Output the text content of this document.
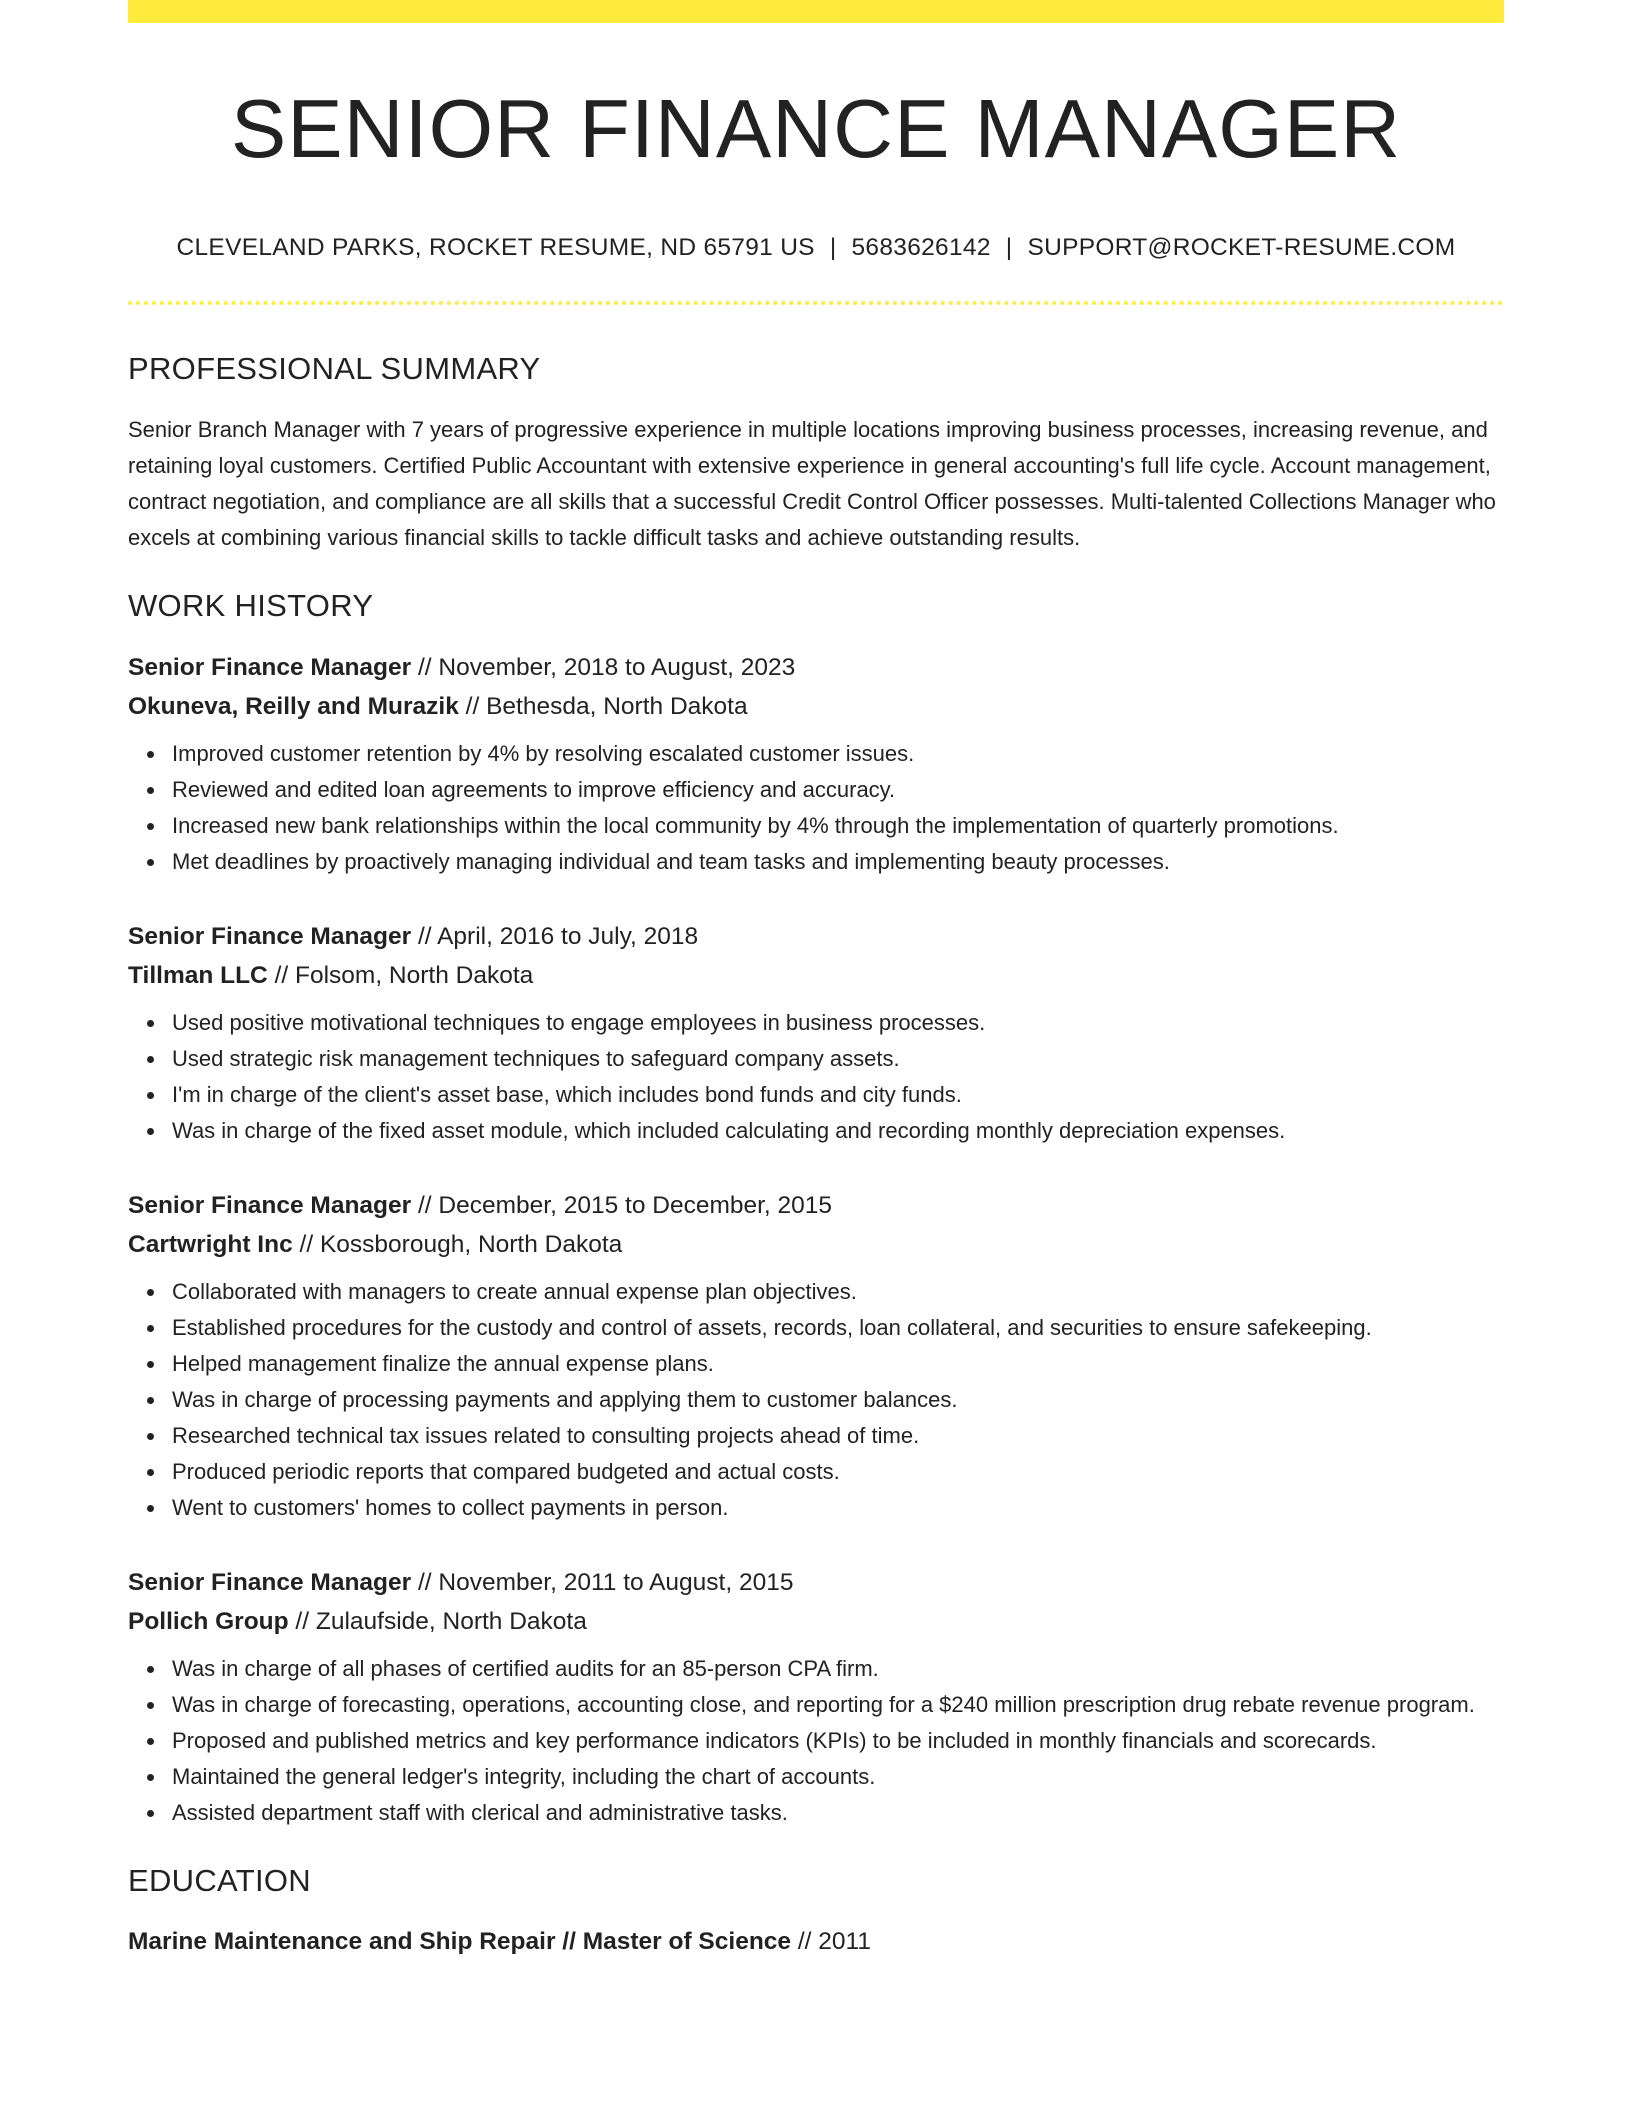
SENIOR FINANCE MANAGER
CLEVELAND PARKS, ROCKET RESUME, ND 65791 US | 5683626142 | SUPPORT@ROCKET-RESUME.COM
PROFESSIONAL SUMMARY

Senior Branch Manager with 7 years of progressive experience in multiple locations improving business processes, increasing revenue, and retaining loyal customers. Certified Public Accountant with extensive experience in general accounting's full life cycle. Account management, contract negotiation, and compliance are all skills that a successful Credit Control Officer possesses. Multi-talented Collections Manager who excels at combining various financial skills to tackle difficult tasks and achieve outstanding results.

WORK HISTORY
Senior Finance Manager // November, 2018 to August, 2023
Okuneva, Reilly and Murazik // Bethesda, North Dakota
Improved customer retention by 4% by resolving escalated customer issues.
Reviewed and edited loan agreements to improve efficiency and accuracy.
Increased new bank relationships within the local community by 4% through the implementation of quarterly promotions.
Met deadlines by proactively managing individual and team tasks and implementing beauty processes.
Senior Finance Manager // April, 2016 to July, 2018
Tillman LLC // Folsom, North Dakota
Used positive motivational techniques to engage employees in business processes.
Used strategic risk management techniques to safeguard company assets.
I'm in charge of the client's asset base, which includes bond funds and city funds.
Was in charge of the fixed asset module, which included calculating and recording monthly depreciation expenses.
Senior Finance Manager // December, 2015 to December, 2015
Cartwright Inc // Kossborough, North Dakota
Collaborated with managers to create annual expense plan objectives.
Established procedures for the custody and control of assets, records, loan collateral, and securities to ensure safekeeping.
Helped management finalize the annual expense plans.
Was in charge of processing payments and applying them to customer balances.
Researched technical tax issues related to consulting projects ahead of time.
Produced periodic reports that compared budgeted and actual costs.
Went to customers' homes to collect payments in person.
Senior Finance Manager // November, 2011 to August, 2015
Pollich Group // Zulaufside, North Dakota
Was in charge of all phases of certified audits for an 85-person CPA firm.
Was in charge of forecasting, operations, accounting close, and reporting for a $240 million prescription drug rebate revenue program.
Proposed and published metrics and key performance indicators (KPIs) to be included in monthly financials and scorecards.
Maintained the general ledger's integrity, including the chart of accounts.
Assisted department staff with clerical and administrative tasks.
EDUCATION
Marine Maintenance and Ship Repair // Master of Science // 2011
